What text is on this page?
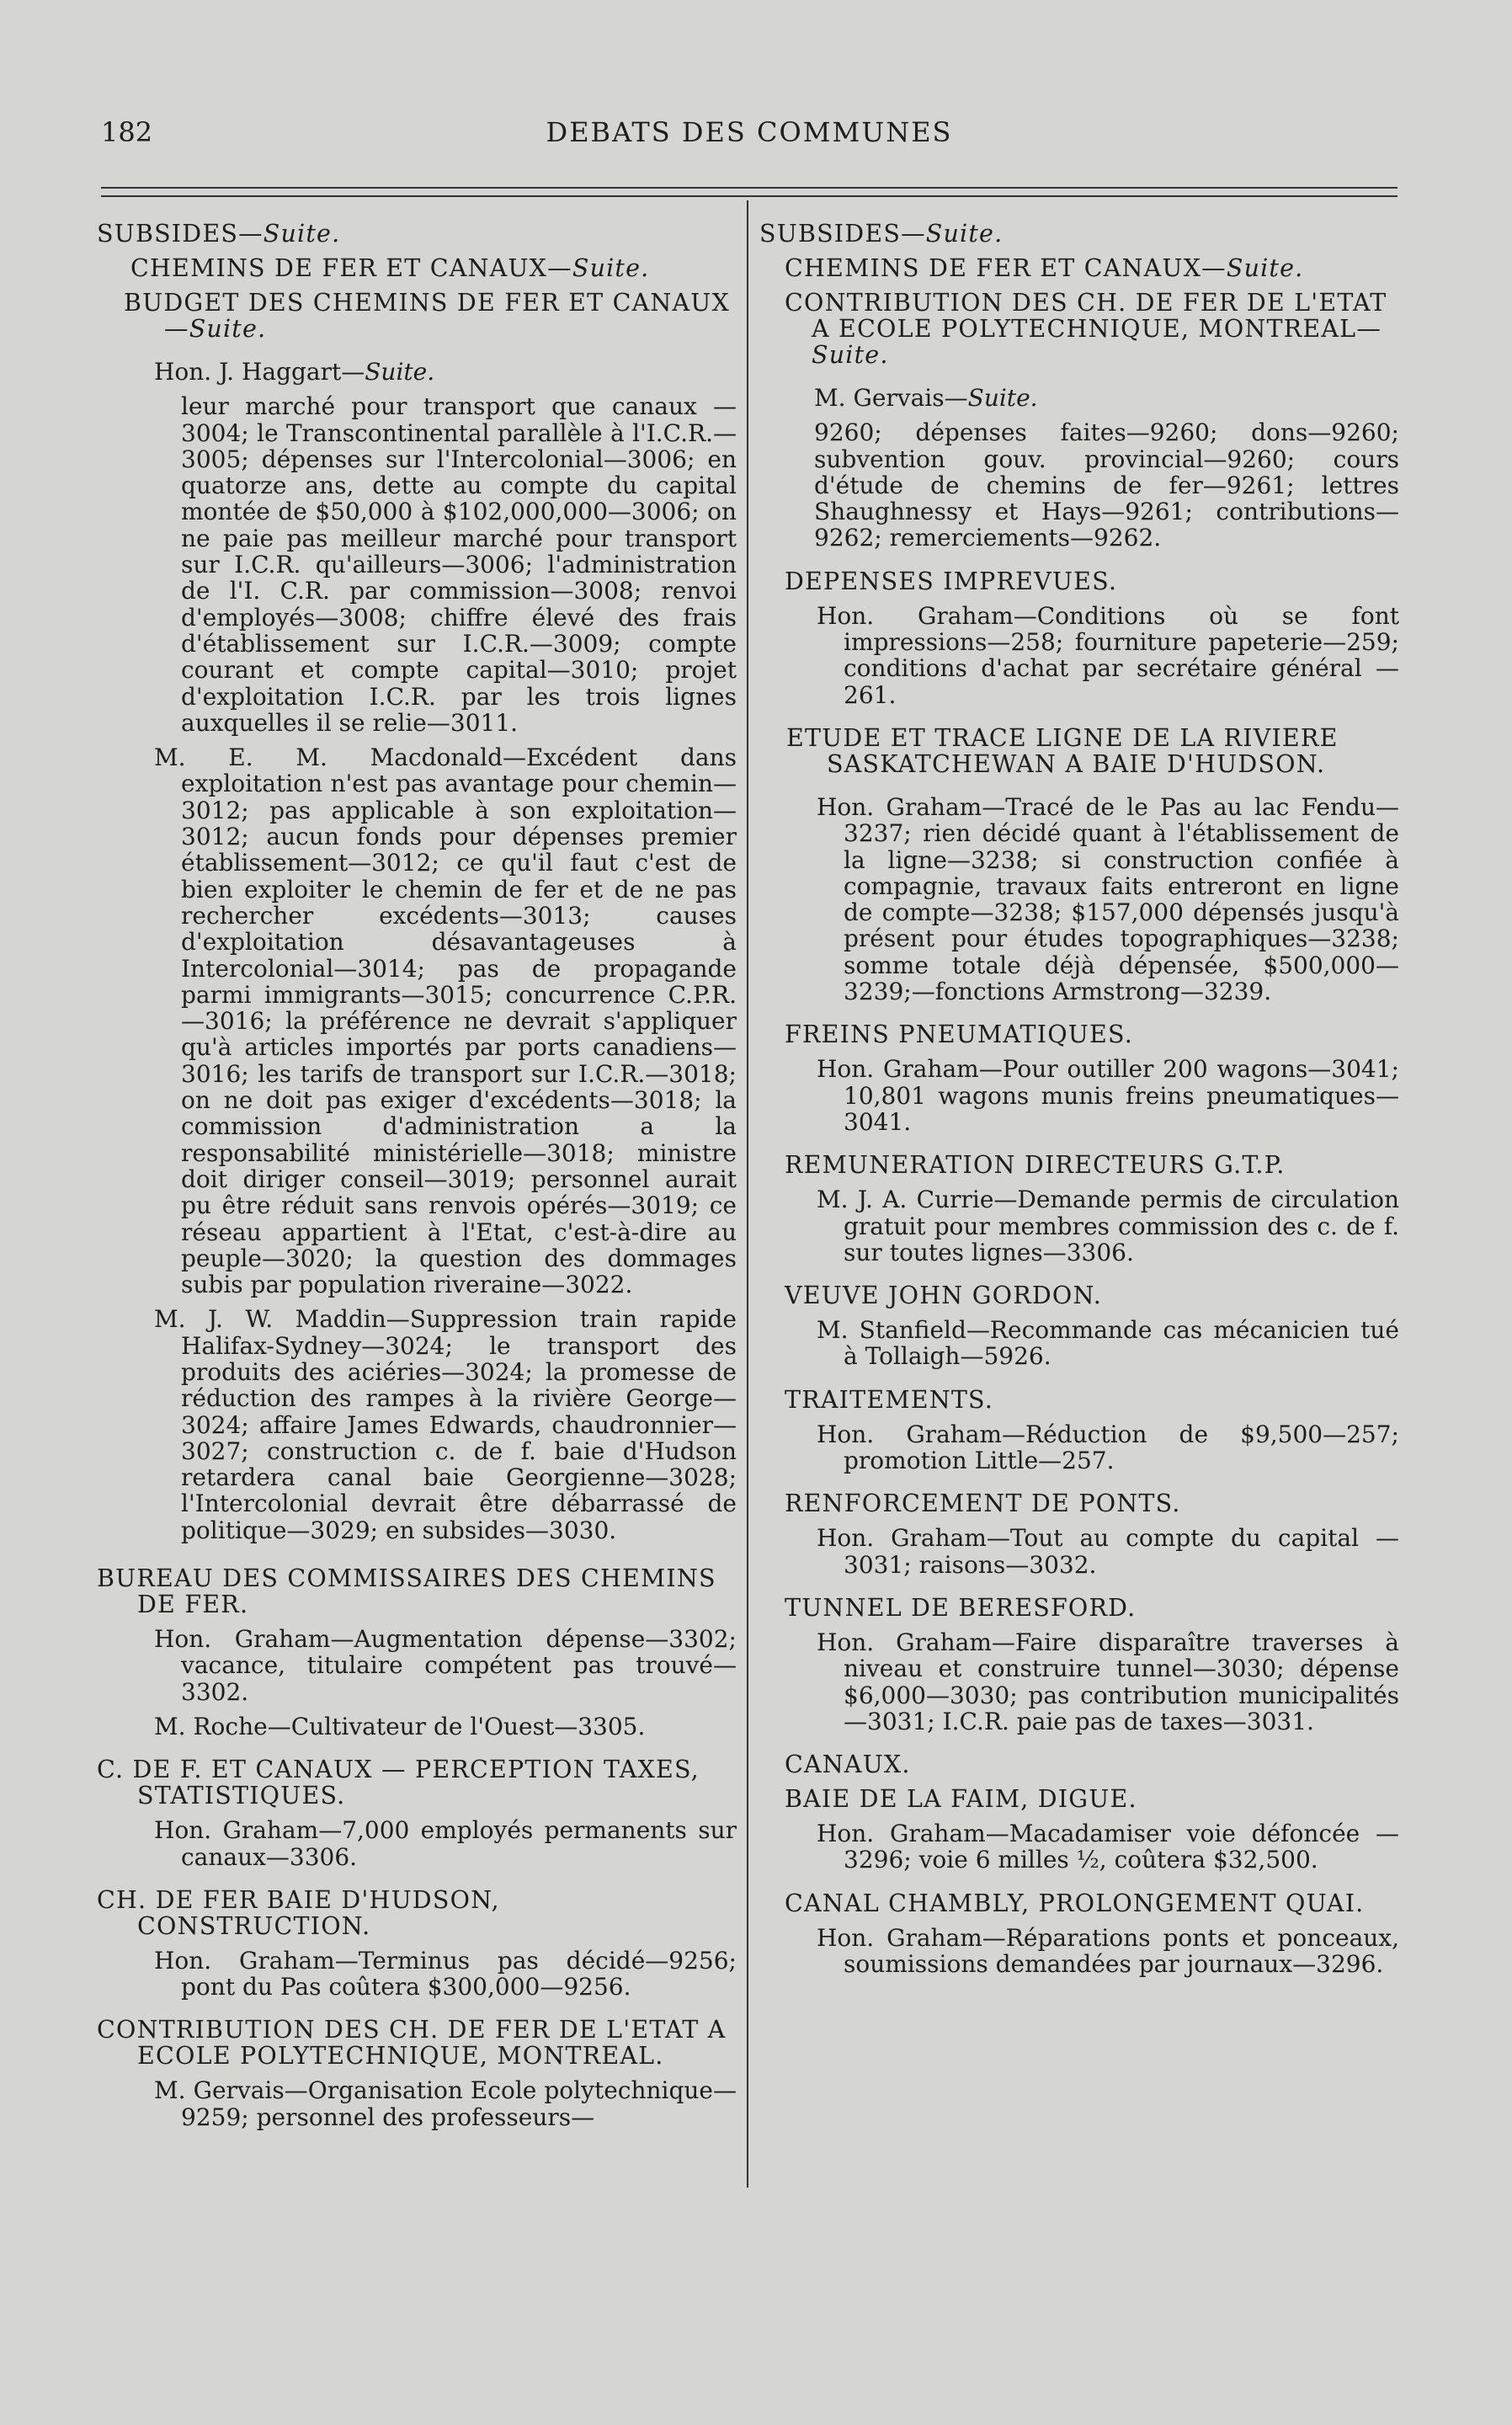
182	DEBATS DES COMMUNES

SUBSIDES—Suite.

CHEMINS DE FER ET CANAUX—Suite.

BUDGET DES CHEMINS DE FER ET CANAUX—Suite.

Hon. J. Haggart—Suite.

leur marché pour transport que canaux —3004; le Transcontinental parallèle à l'I.C.R.—3005; dépenses sur l'Intercolonial—3006; en quatorze ans, dette au compte du capital montée de $50,000 à $102,000,000—3006; on ne paie pas meilleur marché pour transport sur I.C.R. qu'ailleurs—3006; l'administration de l'I. C.R. par commission—3008; renvoi d'employés—3008; chiffre élevé des frais d'établissement sur I.C.R.—3009; compte courant et compte capital—3010; projet d'exploitation I.C.R. par les trois lignes auxquelles il se relie—3011.

M. E. M. Macdonald—Excédent dans exploitation n'est pas avantage pour chemin—3012; pas applicable à son exploitation—3012; aucun fonds pour dépenses premier établissement—3012; ce qu'il faut c'est de bien exploiter le chemin de fer et de ne pas rechercher excédents—3013; causes d'exploitation désavantageuses à Intercolonial—3014; pas de propagande parmi immigrants—3015; concurrence C.P.R.—3016; la préférence ne devrait s'appliquer qu'à articles importés par ports canadiens—3016; les tarifs de transport sur I.C.R.—3018; on ne doit pas exiger d'excédents—3018; la commission d'administration a la responsabilité ministérielle—3018; ministre doit diriger conseil—3019; personnel aurait pu être réduit sans renvois opérés—3019; ce réseau appartient à l'Etat, c'est-à-dire au peuple—3020; la question des dommages subis par population riveraine—3022.

M. J. W. Maddin—Suppression train rapide Halifax-Sydney—3024; le transport des produits des aciéries—3024; la promesse de réduction des rampes à la rivière George—3024; affaire James Edwards, chaudronnier—3027; construction c. de f. baie d'Hudson retardera canal baie Georgienne—3028; l'Intercolonial devrait être débarrassé de politique—3029; en subsides—3030.

BUREAU DES COMMISSAIRES DES CHEMINS DE FER.

Hon. Graham—Augmentation dépense—3302; vacance, titulaire compétent pas trouvé—3302.

M. Roche—Cultivateur de l'Ouest—3305.

C. DE F. ET CANAUX — PERCEPTION TAXES, STATISTIQUES.

Hon. Graham—7,000 employés permanents sur canaux—3306.

CH. DE FER BAIE D'HUDSON, CONSTRUCTION.

Hon. Graham—Terminus pas décidé—9256; pont du Pas coûtera $300,000—9256.

CONTRIBUTION DES CH. DE FER DE L'ETAT A ECOLE POLYTECHNIQUE, MONTREAL.

M. Gervais—Organisation Ecole polytechnique—9259; personnel des professeurs—

SUBSIDES—Suite.

CHEMINS DE FER ET CANAUX—Suite.

CONTRIBUTION DES CH. DE FER DE L'ETAT A ECOLE POLYTECHNIQUE, MONTREAL—Suite.

M. Gervais—Suite.

9260; dépenses faites—9260; dons—9260; subvention gouv. provincial—9260; cours d'étude de chemins de fer—9261; lettres Shaughnessy et Hays—9261; contributions—9262; remerciements—9262.

DEPENSES IMPREVUES.

Hon. Graham—Conditions où se font impressions—258; fourniture papeterie—259; conditions d'achat par secrétaire général —261.

ETUDE ET TRACE LIGNE DE LA RIVIERE SASKATCHEWAN A BAIE D'HUDSON.

Hon. Graham—Tracé de le Pas au lac Fendu—3237; rien décidé quant à l'établissement de la ligne—3238; si construction confiée à compagnie, travaux faits entreront en ligne de compte—3238; $157,000 dépensés jusqu'à présent pour études topographiques—3238; somme totale déjà dépensée, $500,000—3239;—fonctions Armstrong—3239.

FREINS PNEUMATIQUES.

Hon. Graham—Pour outiller 200 wagons—3041; 10,801 wagons munis freins pneumatiques—3041.

REMUNERATION DIRECTEURS G.T.P.

M. J. A. Currie—Demande permis de circulation gratuit pour membres commission des c. de f. sur toutes lignes—3306.

VEUVE JOHN GORDON.

M. Stanfield—Recommande cas mécanicien tué à Tollaigh—5926.

TRAITEMENTS.

Hon. Graham—Réduction de $9,500—257; promotion Little—257.

RENFORCEMENT DE PONTS.

Hon. Graham—Tout au compte du capital —3031; raisons—3032.

TUNNEL DE BERESFORD.

Hon. Graham—Faire disparaître traverses à niveau et construire tunnel—3030; dépense $6,000—3030; pas contribution municipalités—3031; I.C.R. paie pas de taxes—3031.

CANAUX.

BAIE DE LA FAIM, DIGUE.

Hon. Graham—Macadamiser voie défoncée —3296; voie 6 milles ½, coûtera $32,500.

CANAL CHAMBLY, PROLONGEMENT QUAI.

Hon. Graham—Réparations ponts et ponceaux, soumissions demandées par journaux—3296.
